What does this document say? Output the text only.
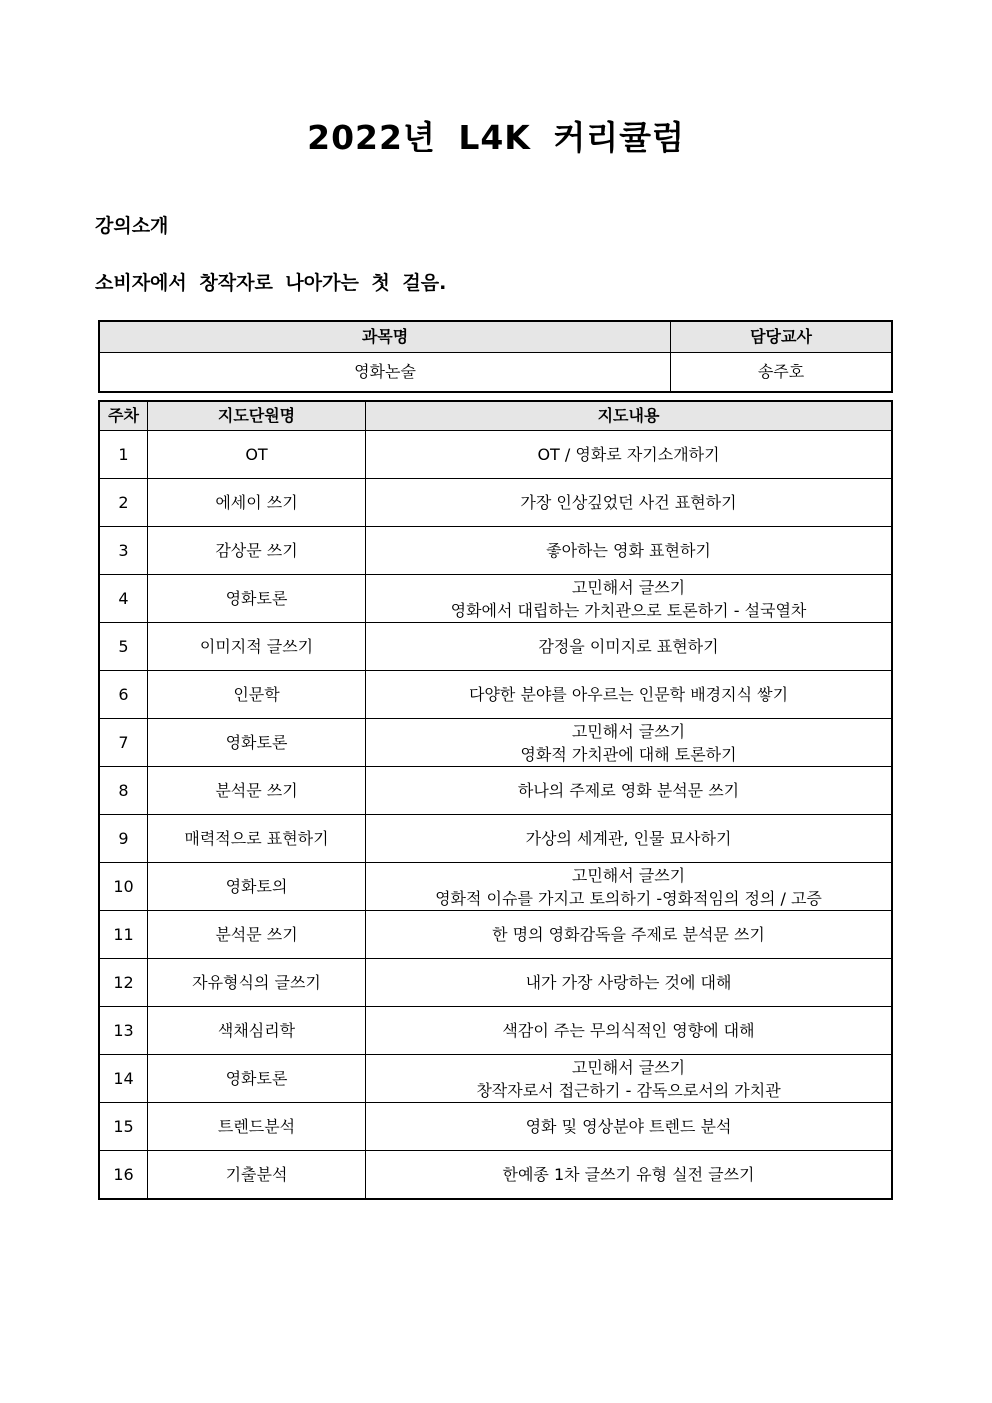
2022년 L4K 커리큘럼
강의소개
소비자에서 창작자로 나아가는 첫 걸음.
과목명	담당교사
영화논술	송주호
주차	지도단원명	지도내용
1	OT	OT / 영화로 자기소개하기
2	에세이 쓰기	가장 인상깊었던 사건 표현하기
3	감상문 쓰기	좋아하는 영화 표현하기
4	영화토론	고민해서 글쓰기
영화에서 대립하는 가치관으로 토론하기 - 설국열차

5	이미지적 글쓰기	감정을 이미지로 표현하기
6	인문학	다양한 분야를 아우르는 인문학 배경지식 쌓기
7	영화토론	고민해서 글쓰기
영화적 가치관에 대해 토론하기

8	분석문 쓰기	하나의 주제로 영화 분석문 쓰기
9	매력적으로 표현하기	가상의 세계관, 인물 묘사하기
10	영화토의	고민해서 글쓰기
영화적 이슈를 가지고 토의하기 -영화적임의 정의 / 고증

11	분석문 쓰기	한 명의 영화감독을 주제로 분석문 쓰기
12	자유형식의 글쓰기	내가 가장 사랑하는 것에 대해
13	색채심리학	색감이 주는 무의식적인 영향에 대해
14	영화토론	고민해서 글쓰기
창작자로서 접근하기 - 감독으로서의 가치관

15	트렌드분석	영화 및 영상분야 트렌드 분석
16	기출분석	한예종 1차 글쓰기 유형 실전 글쓰기
